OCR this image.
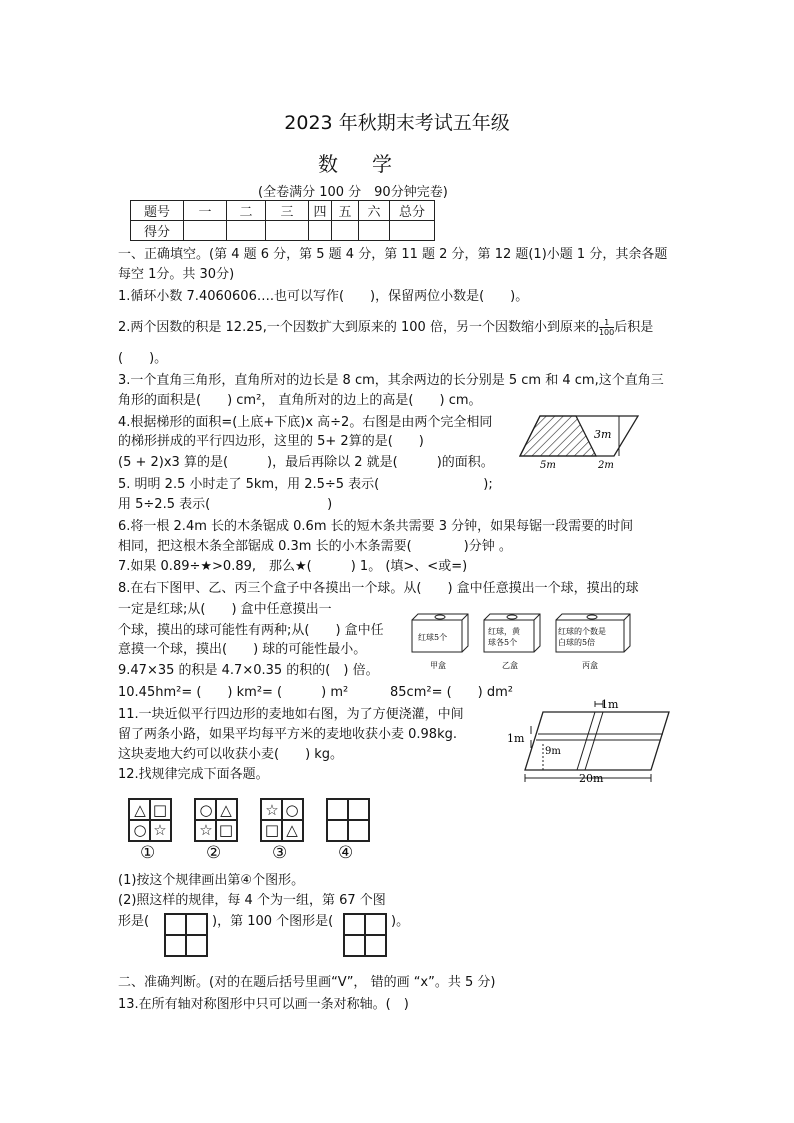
2023 年秋期末考试五年级
数学
(全卷满分 100 分　90分钟完卷)
题号	一	二	三	四	五	六	总分
得分							
一、正确填空。(第 4 题 6 分，第 5 题 4 分，第 11 题 2 分，第 12 题(1)小题 1 分，其余各题
每空 1分。共 30分)
1.循环小数 7.4060606….也可以写作(　　)，保留两位小数是(　　)。
2.两个因数的积是 12.25,一个因数扩大到原来的 100 倍，另一个因数缩小到原来的 $\frac{1}{100}$ 后积是
(　　)。
3.一个直角三角形，直角所对的边长是 8 cm，其余两边的长分别是 5 cm 和 4 cm,这个直角三
角形的面积是(　　) cm²， 直角所对的边上的高是(　　) cm。
4.根据梯形的面积=(上底+下底)x 高÷2。右图是由两个完全相同
的梯形拼成的平行四边形，这里的 5+ 2算的是(　　)
(5 + 2)x3 算的是(　　　)，最后再除以 2 就是(　　　)的面积。
3m
5m	2m
5. 明明 2.5 小时走了 5km，用 2.5÷5 表示(　　　　　　　　);
用 5÷2.5 表示(　　　　　　　　　)
6.将一根 2.4m 长的木条锯成 0.6m 长的短木条共需要 3 分钟，如果每锯一段需要的时间
相同，把这根木条全部锯成 0.3m 长的小木条需要(　　　　)分钟 。
7.如果 0.89÷★>0.89,　那么★(　　　) 1。 (填>、<或=)
8.在右下图甲、乙、丙三个盒子中各摸出一个球。从(　　) 盒中任意摸出一个球，摸出的球
一定是红球;从(　　) 盒中任意摸出一
个球，摸出的球可能性有两种;从(　　) 盒中任
意摸一个球，摸出(　　) 球的可能性最小。
红球5个
甲盒
红球，黄
球各5个
乙盒
红球的个数是
白球的5倍
丙盒
9.47×35 的积是 4.7×0.35 的积的(　) 倍。
10.45hm²= (　　) km²= (　　　) m²	85cm²= (　　) dm²
11.一块近似平行四边形的麦地如右图，为了方便浇灌，中间
留了两条小路，如果平均每平方米的麦地收获小麦 0.98kg.
这块麦地大约可以收获小麦(　　) kg。
1m
1m
9m
20m
12.找规律完成下面各题。
△ □
○ ☆
○ △
☆ □
☆ ○
□ △
①	②	③	④
(1)按这个规律画出第④个图形。
(2)照这样的规律，每 4 个为一组，第 67 个图
形是(	)，第 100 个图形是(	)。
二、准确判断。(对的在题后括号里画“V”， 错的画 “x”。共 5 分)
13.在所有轴对称图形中只可以画一条对称轴。(　)
